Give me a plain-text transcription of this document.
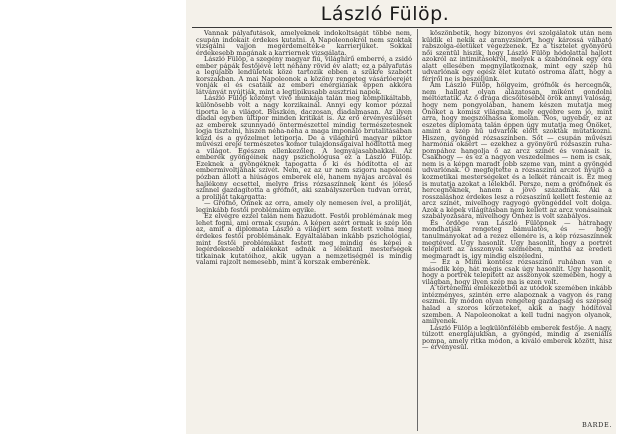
László Fülöp.

Vannak pályafutások, amelyeknek indokoltságát többé nem, csupán indokait érdekes kutatni. A Napoleonokról nem szoktak vizsgálni vajjon megérdemelték-e karrierjüket. Sokkal érdekesebb magának a karriernek vizsgálata.

László Fülöp, a szegény magyar fiú, világhírű emberré, a zsidó ember pápák festőjévé lett néhány rövid év alatt; ez a pályafutás a legújabb lendületek közé tartozik ebben a szűkre szabott korszakban. A mai Napoleonok a közöny rengeteg vásárlóerejét vonják el és csatáik az emberi energiának éppen akkora látványát nyújtják, mint a legtipikusabb ausztriai napok.

László Fülöp közönyt vivő munkája talán meg komplikáltabb, különösebb volt a nagy korzikainál. Annyi egy komor pózzal tiporta le a világot. Büszkén, daczosan, diadalmasan. Az ilyen diadal egyben ültipor minden kritikát is. Az erő érvényesülését az emberek szunnyadó öntermészettel mindig természetesnek logja tisztelni, hiszen néha-néha a maga imponáló brutalitásában küzd és a győzelmet letiporja. De a világhírű magyar piktor művészi ereje természetes komor tulajdonságaival hódította meg a világot. Egészen ellenkezőleg. A legnyájasabbakkal. Az emberek gyöngéinek nagy pszichológusa ez a László Fülöp. Ezeknek a gyöngéknek tapogatta ő ki és hódította el az embermivoltjának szívét. Nem, ez az ur nem szigoru napoleoni pózban állott a hiúságos emberek elé, hanem nyájas arcával és hajlékony ecsettel, melyre friss rózsaszínnek kent és jóleső színnel gazdagította a grófnőt, aki szabályszerűen tudvan orrát, a prolilját takargatta:

— Grófnő, Önnek az orra, amely oly nemesen ível, a prolilját, leginkább festői problémáim egyike.

Ez elvégre ezzel talán nem hazudott. Festői problémának meg lehet fogni, ami ormak csupán. A képen azért ormak is szép lön az, amit a diplomata László a világért sem festett volna meg érdekes festői problémának. Egyáltalában inkább pszichológiai, mint festői problémákat festett meg mindig és képei a legérdekesebb adalékokat adnák a lélektani mesterségek titkainak kutatóihoz, akik ugyan a nemzetiségnél is mindig valami rajzolt nemesebb, mint a korszak emberének.

köszönbetik, hogy bizonyos évi szolgálatok után nem küldik el nekik az aranyzsinórt, hogy károssá válható rabszolga-életüket végezzenek. Ez a tisztelet gyönyörű női szentül hiszik, hogy László Fülöp hódolattal hajlott azokról az intimitásokról, melyek a szabónőnek egy óra alatt ellesében megnyilatkoznak, mint egy szép hű udvarlónak egy egész élet kutató ostroma alatt, hogy a férjről ne is beszéljünk.

Am László Fülöp, hölgyeim, grófnők és hercegnők, nem hallgat olyan alázatosan, miként gondolni méltóztatik. Az ő drága dicsőítéséből örök annyi valóság, hogy nem pongyolában, hanem készen mutatja meg Önöket a komisz világnak, mely egyébre sem jó, mint arra, hogy megszólhassa komolan. Nos, ugyebár, ez az eszetes diplomata talán éppen úgy mutatja meg Önöket, amint a szép hű udvarlók előtt szoktak mutatkozni. Hiszen, gyöngéd rózsaszínben. Sőt — csupán művészi harmónia okáért — ezekhez a gyönyörű rózsaszín ruha-pompához hangolja ő az arcz színét és vonásait is. Csakhogy — és ez a nagyon veszedelmes — nem is csak, nem is a képen maradt jobb szeme van, mint a gyöngéd udvarlónak. Ő megfejtette a rózsaszínű arczot nyújtó a kozmetikai mesterségeket és a lelkét ráncait is. Ez meg is mutatja azokat a lélekből. Persze, nem a grófnőnek és hercegnőknek, hanem a jövő századnak. Aki a rosszaláshoz érdekes lesz a rózsaszínű kellett festenie az arcz színét, mivelhogy ragyogó gyöngéddel volt dolga. Azok a képek világításban nem kellett az arcz vonásainak szabályozására, mivelhogy Önhez is volt szabályos.

És ördöge van László Fülöpnek — hátrahagy mondhatják rengeteg bámulatos, és — hogy tanulmányokat ad a rezez ellenére is, a kép rózsaszínnek megtéved. Ugy hasonlít. Ugy hasonlít, hogy a portrét telepített az asszonyok szemében, mintha az eredeti megmaradt is, igy mindig elszéledni.

— Ez a Mimi kontesz rózsaszínű ruhában van e második kép, hát mégis csak úgy hasonlít. Ugy hasonlít, hogy a portrék telepített az asszonyok szemében, hogy a világban, hogy ilyen szép ma is ezen volt.

A történelmi emlékezetből az utódok szemében inkább intézményes, szintén erre alapoznak a vagyon és rang eszméi. Ily módon olyan rengeteg gazdagság és szépség halad a szoros körzeteket, akik a nagy hódítóval szemben. A Napoleonokat a kell tudni nagyon olyanok, amilyenek.

László Fülöp a legkülönfélébb emberek festője. A nagy, túlzott energiájukban, a gyöngéd, mindig a zseniális pompa, amely ritka módon, a kiváló emberek között, hisz — érvényesül.

BARDE.
